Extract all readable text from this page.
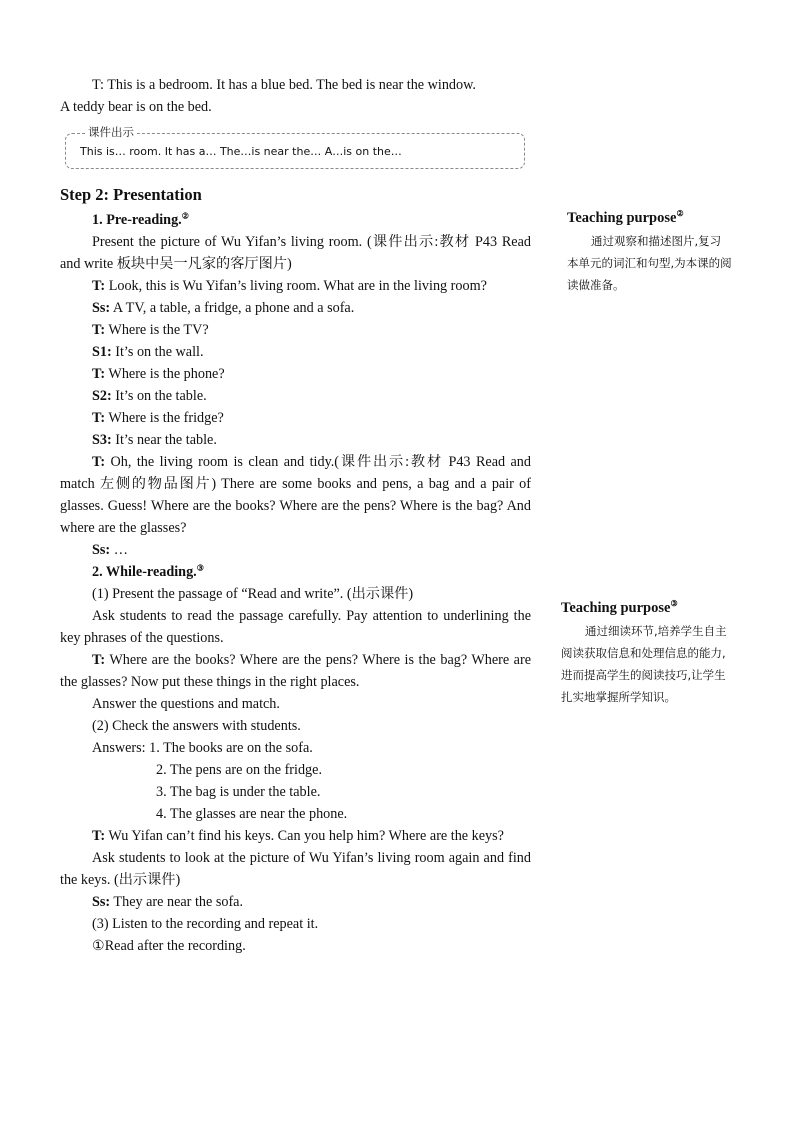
T: This is a bedroom. It has a blue bed. The bed is near the window.

A teddy bear is on the bed.

课件出示
This is… room. It has a… The…is near the… A…is on the…
Step 2: Presentation

1. Pre-reading.②

Present the picture of Wu Yifan’s living room. (课件出示:教材 P43 Read and write 板块中吴一凡家的客厅图片)

T: Look, this is Wu Yifan’s living room. What are in the living room?

Ss: A TV, a table, a fridge, a phone and a sofa.

T: Where is the TV?

S1: It’s on the wall.

T: Where is the phone?

S2: It’s on the table.

T: Where is the fridge?

S3: It’s near the table.

T: Oh, the living room is clean and tidy.(课件出示:教材 P43 Read and match 左侧的物品图片) There are some books and pens, a bag and a pair of glasses. Guess! Where are the books? Where are the pens? Where is the bag? And where are the glasses?

Ss: …

2. While-reading.③

(1) Present the passage of “Read and write”. (出示课件)

Ask students to read the passage carefully. Pay attention to underlining the key phrases of the questions.

T: Where are the books? Where are the pens? Where is the bag? Where are the glasses? Now put these things in the right places.

Answer the questions and match.

(2) Check the answers with students.

Answers: 1. The books are on the sofa.

2. The pens are on the fridge.

3. The bag is under the table.

4. The glasses are near the phone.

T: Wu Yifan can’t find his keys. Can you help him? Where are the keys?

Ask students to look at the picture of Wu Yifan’s living room again and find the keys. (出示课件)

Ss: They are near the sofa.

(3) Listen to the recording and repeat it.

①Read after the recording.

Teaching purpose②

通过观察和描述图片,复习本单元的词汇和句型,为本课的阅读做准备。

Teaching purpose③

通过细读环节,培养学生自主阅读获取信息和处理信息的能力,进而提高学生的阅读技巧,让学生扎实地掌握所学知识。
